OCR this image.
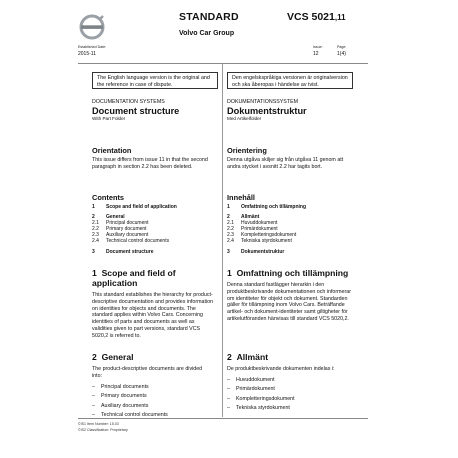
STANDARD	VCS 5021,11
Volvo Car Group
Established Date:
2015-11
Issue:
12
Page:
1(4)
The English language version is the original and the reference in case of dispute.
Den engelskspråkiga versionen är originalversion och ska åberopas i händelse av tvist.
DOCUMENTATION SYSTEMS
Document structure
With Part Folder
Orientation
This issue differs from issue 11 in that the second paragraph in section 2.2 has been deleted.
Contents
1	Scope and field of application
2	General
2.1	Principal document
2.2	Primary document
2.3	Auxiliary document
2.4	Technical control documents
3	Document structure
1 Scope and field of application
This standard establishes the hierarchy for product-descriptive documentation and provides information on identities for objects and documents. The standard applies within Volvo Cars. Concerning identities of parts and documents as well as validities given to part versions, standard VCS 5020,2 is referred to.
2 General
The product-descriptive documents are divided into:
– Principal documents
– Primary documents
– Auxiliary documents
– Technical control documents
DOKUMENTATIONSSYSTEM
Dokumentstruktur
Med Artikelfolder
Orientering
Denna utgåva skiljer sig från utgåva 11 genom att andra stycket i avsnitt 2.2 har tagits bort.
Innehåll
1	Omfattning och tillämpning
2	Allmänt
2.1	Huvuddokument
2.2	Primärdokument
2.3	Kompletteringsdokument
2.4	Tekniska styrdokument
3	Dokumentstruktur
1 Omfattning och tillämpning
Denna standard fastlägger hierarkin i den produktbeskrivande dokumentationen och informerar om identiteter för objekt och dokument. Standarden gäller för tillämpning inom Volvo Cars. Beträffande artikel- och dokument-identiteter samt giltigheter för artikelutföranden hänvisas till standard VCS 5020,2.
2 Allmänt
De produktbeskrivande dokumenten indelas i:
– Huvuddokument
– Primärdokument
– Kompletteringsdokument
– Tekniska styrdokument
©IS1 Item Number: 15.03
©IS2 Classification: Proprietary
